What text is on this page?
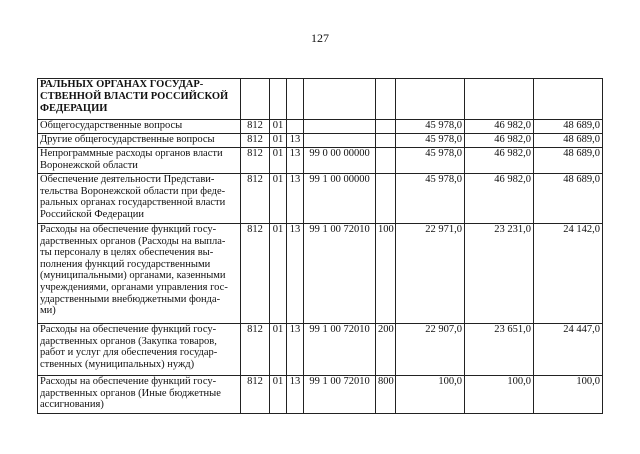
127
РАЛЬНЫХ ОРГАНАХ ГОСУДАР- СТВЕННОЙ ВЛАСТИ РОССИЙСКОЙ ФЕДЕРАЦИИ								
Общегосударственные вопросы	812	01				45 978,0	46 982,0	48 689,0
Другие общегосударственные вопросы	812	01	13			45 978,0	46 982,0	48 689,0
Непрограммные расходы органов власти Воронежской области	812	01	13	99 0 00 00000		45 978,0	46 982,0	48 689,0
Обеспечение деятельности Представи- тельства Воронежской области при феде- ральных органах государственной власти Российской Федерации	812	01	13	99 1 00 00000		45 978,0	46 982,0	48 689,0
Расходы на обеспечение функций госу- дарственных органов (Расходы на выпла- ты персоналу в целях обеспечения вы- полнения функций государственными (муниципальными) органами, казенными учреждениями, органами управления гос- ударственными внебюджетными фонда- ми)	812	01	13	99 1 00 72010	100	22 971,0	23 231,0	24 142,0
Расходы на обеспечение функций госу- дарственных органов (Закупка товаров, работ и услуг для обеспечения государ- ственных (муниципальных) нужд)	812	01	13	99 1 00 72010	200	22 907,0	23 651,0	24 447,0
Расходы на обеспечение функций госу- дарственных органов (Иные бюджетные ассигнования)	812	01	13	99 1 00 72010	800	100,0	100,0	100,0
